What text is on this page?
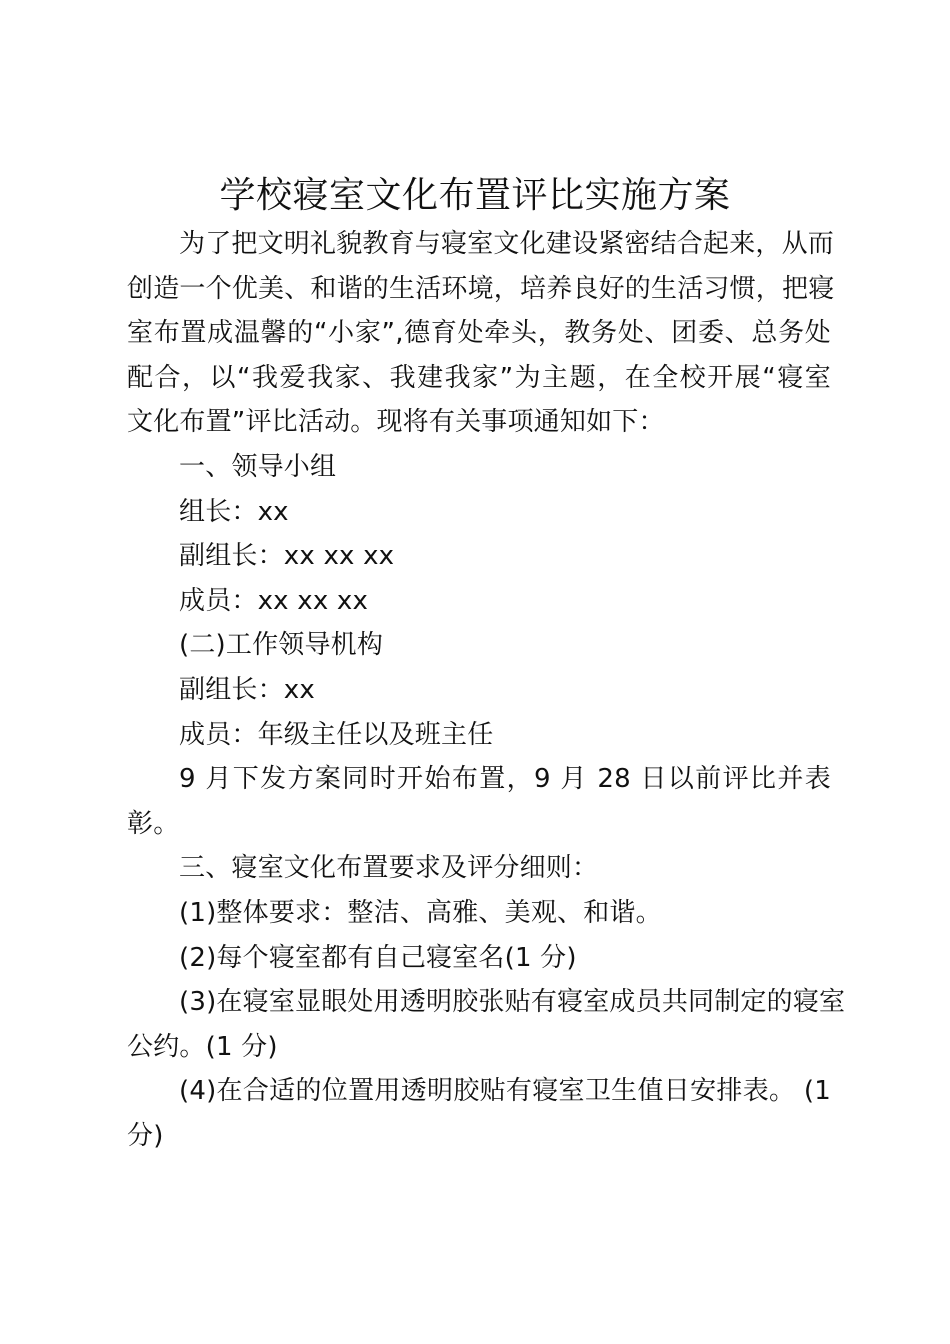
学校寝室文化布置评比实施方案
为了把文明礼貌教育与寝室文化建设紧密结合起来，从而
创造一个优美、和谐的生活环境，培养良好的生活习惯，把寝
室布置成温馨的“小家”,德育处牵头，教务处、团委、总务处
配合，以“我爱我家、我建我家”为主题，在全校开展“寝室
文化布置”评比活动。现将有关事项通知如下：
一、领导小组
组长：xx
副组长：xx xx xx
成员：xx xx xx
(二)工作领导机构
副组长：xx
成员：年级主任以及班主任
9 月下发方案同时开始布置，9 月 28 日以前评比并表彰。
三、寝室文化布置要求及评分细则：
(1)整体要求：整洁、高雅、美观、和谐。
(2)每个寝室都有自己寝室名(1 分)
(3)在寝室显眼处用透明胶张贴有寝室成员共同制定的寝室
公约。(1 分)
(4)在合适的位置用透明胶贴有寝室卫生值日安排表。 (1
分)
